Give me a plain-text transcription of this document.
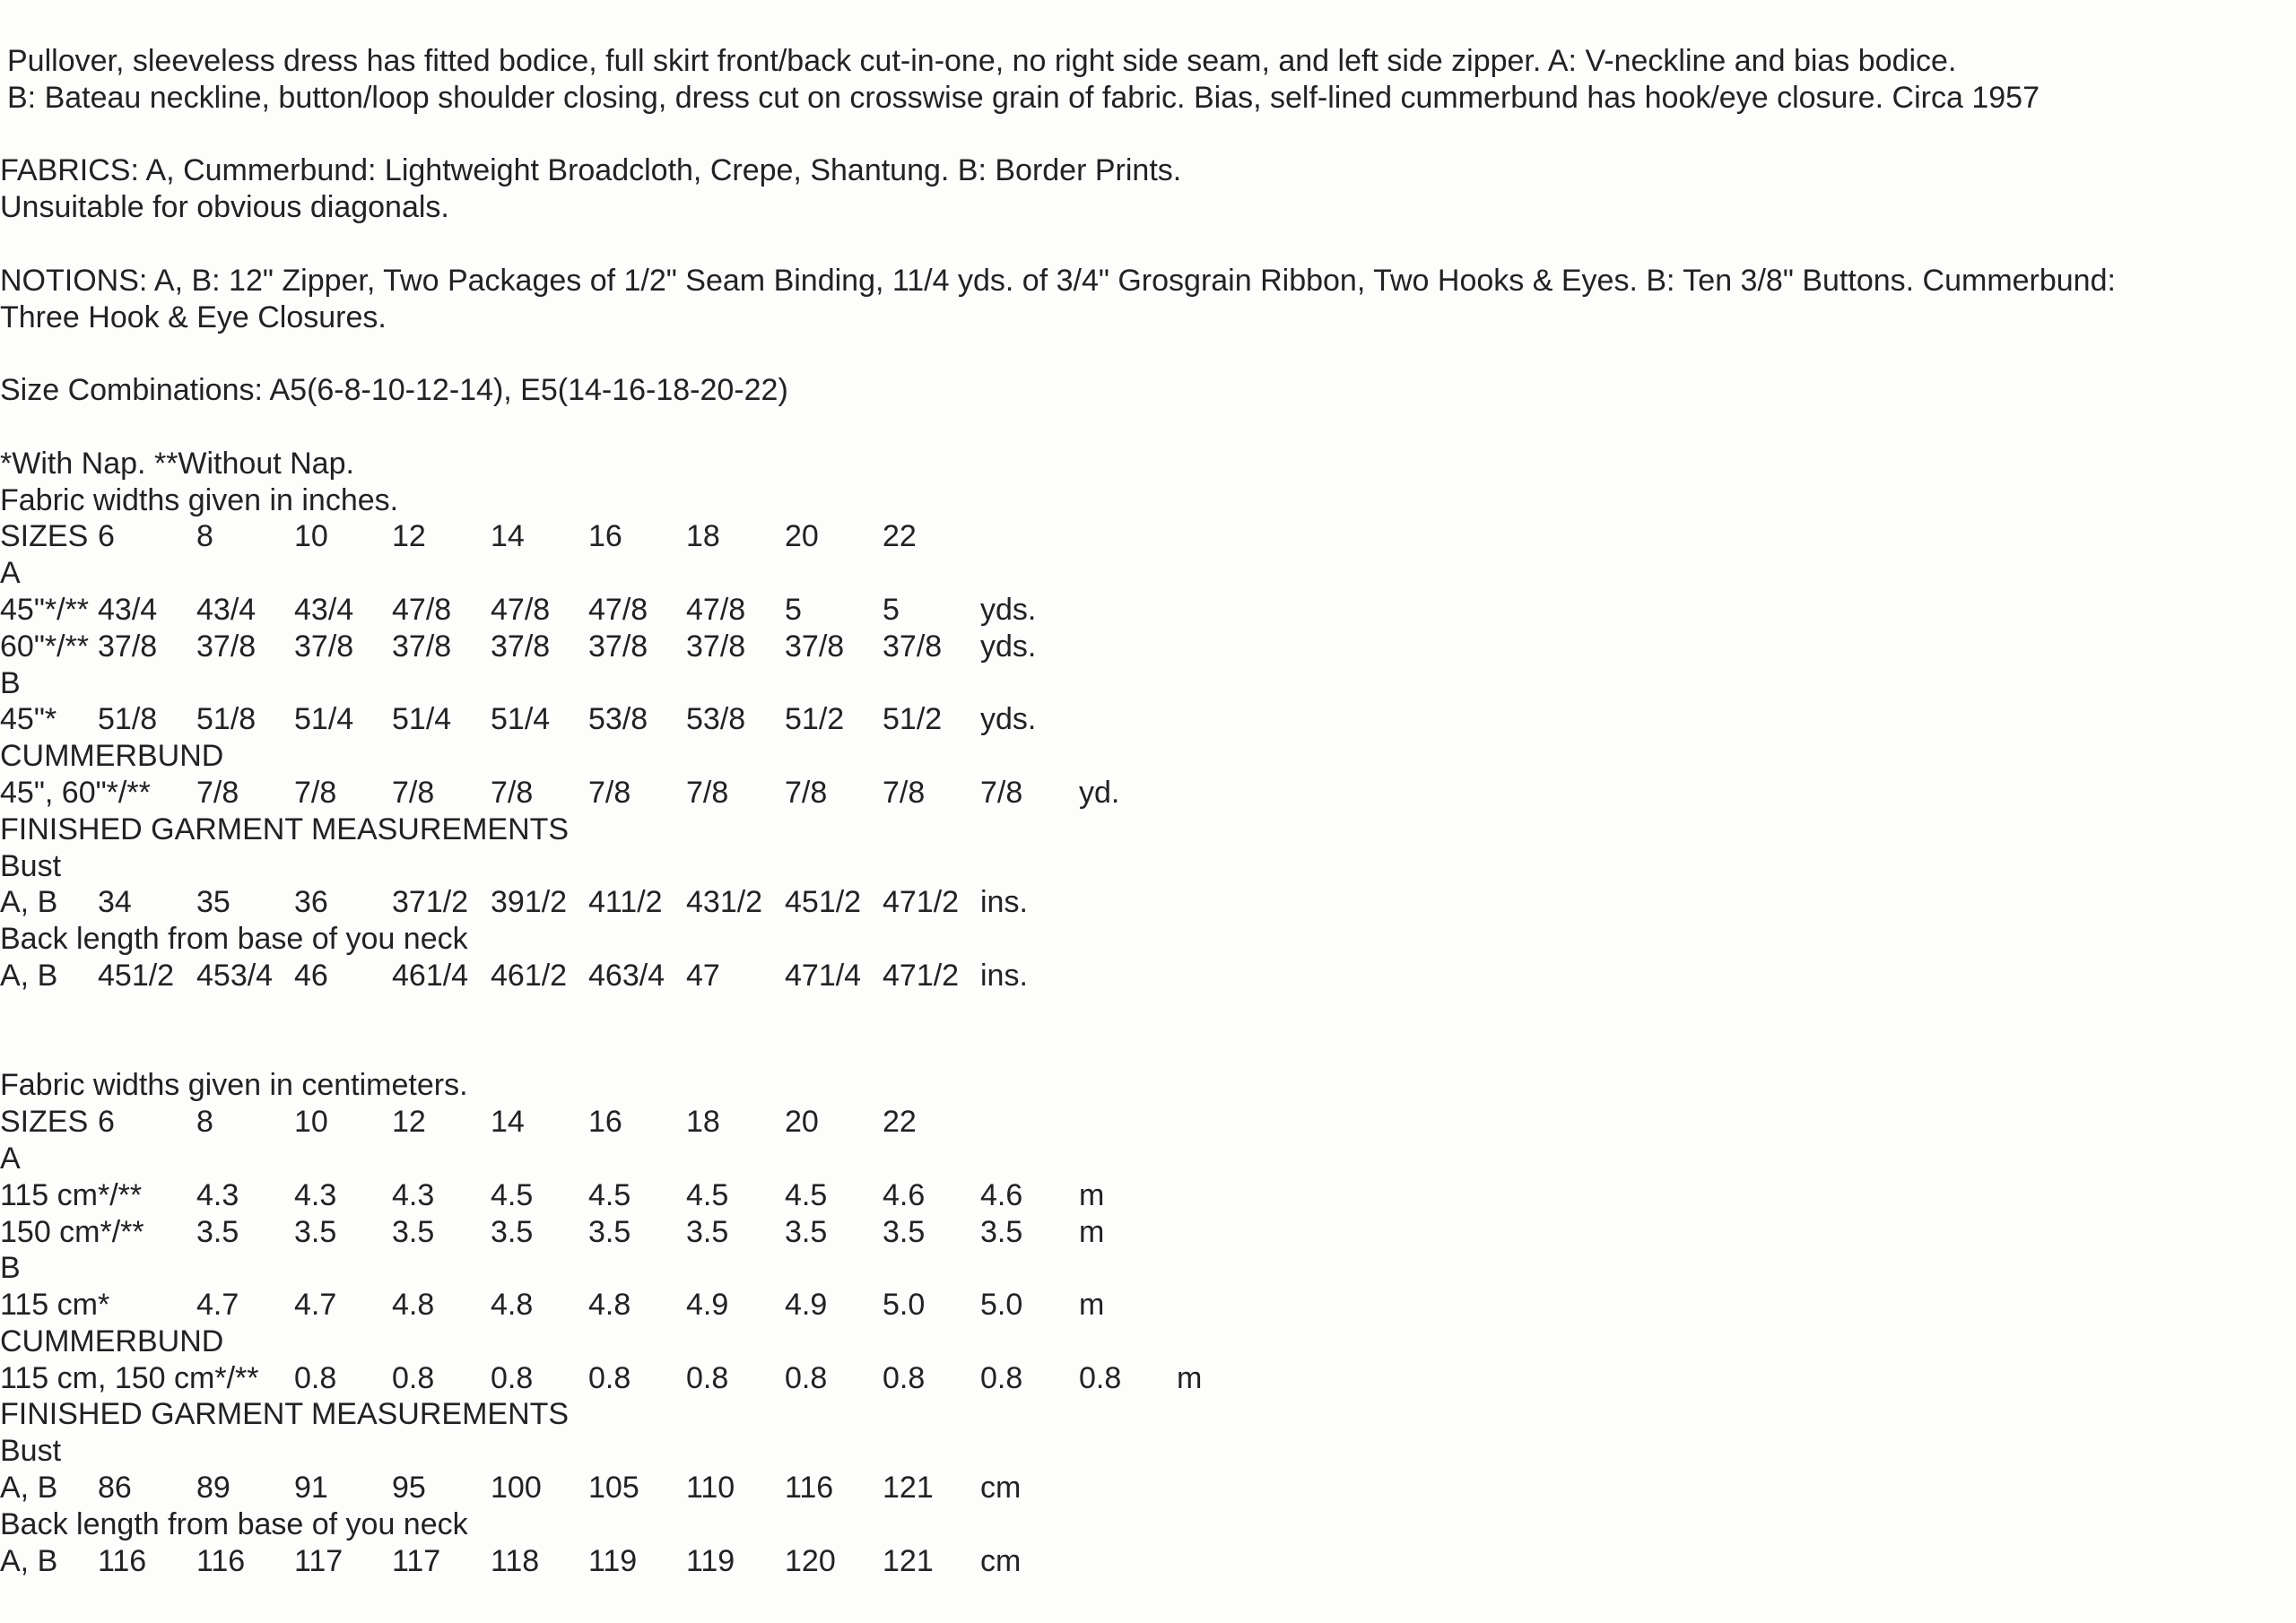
Pullover, sleeveless dress has fitted bodice, full skirt front/back cut-in-one, no right side seam, and left side zipper. A: V-neckline and bias bodice.
B: Bateau neckline, button/loop shoulder closing, dress cut on crosswise grain of fabric. Bias, self-lined cummerbund has hook/eye closure. Circa 1957
FABRICS: A, Cummerbund: Lightweight Broadcloth, Crepe, Shantung. B: Border Prints.
Unsuitable for obvious diagonals.
NOTIONS: A, B: 12" Zipper, Two Packages of 1/2" Seam Binding, 11/4 yds. of 3/4" Grosgrain Ribbon, Two Hooks & Eyes. B: Ten 3/8" Buttons. Cummerbund:
Three Hook & Eye Closures.
Size Combinations: A5(6-8-10-12-14), E5(14-16-18-20-22)
*With Nap. **Without Nap.
Fabric widths given in inches.
SIZES 6	8	10 12 14 16 18 20 22
A
45"*/** 43/4 43/4 43/4 47/8 47/8 47/8 47/8 5	5	yds.
60"*/** 37/8 37/8 37/8 37/8 37/8 37/8 37/8 37/8 37/8 yds.
B
45"* 51/8 51/8 51/4 51/4 51/4 53/8 53/8 51/2 51/2 yds.
CUMMERBUND
45", 60"*/** 7/8 7/8 7/8 7/8 7/8 7/8 7/8 7/8 7/8 yd.
FINISHED GARMENT MEASUREMENTS
Bust
A, B 34 35 36 371/2 391/2 411/2 431/2 451/2 471/2 ins.
Back length from base of you neck
A, B 451/2 453/4 46 461/4 461/2 463/4 47 471/4 471/2 ins.
Fabric widths given in centimeters.
SIZES 6	8	10 12 14 16 18 20 22
A
115 cm*/** 4.3 4.3 4.3 4.5 4.5 4.5 4.5 4.6 4.6 m
150 cm*/** 3.5 3.5 3.5 3.5 3.5 3.5 3.5 3.5 3.5 m
B
115 cm*	4.7 4.7 4.8 4.8 4.8 4.9 4.9 5.0 5.0 m
CUMMERBUND
115 cm, 150 cm*/** 0.8 0.8 0.8 0.8 0.8 0.8 0.8 0.8 0.8 m
FINISHED GARMENT MEASUREMENTS
Bust
A, B 86 89 91 95 100 105 110 116 121 cm
Back length from base of you neck
A, B 116 116 117 117 118 119 119 120 121 cm
